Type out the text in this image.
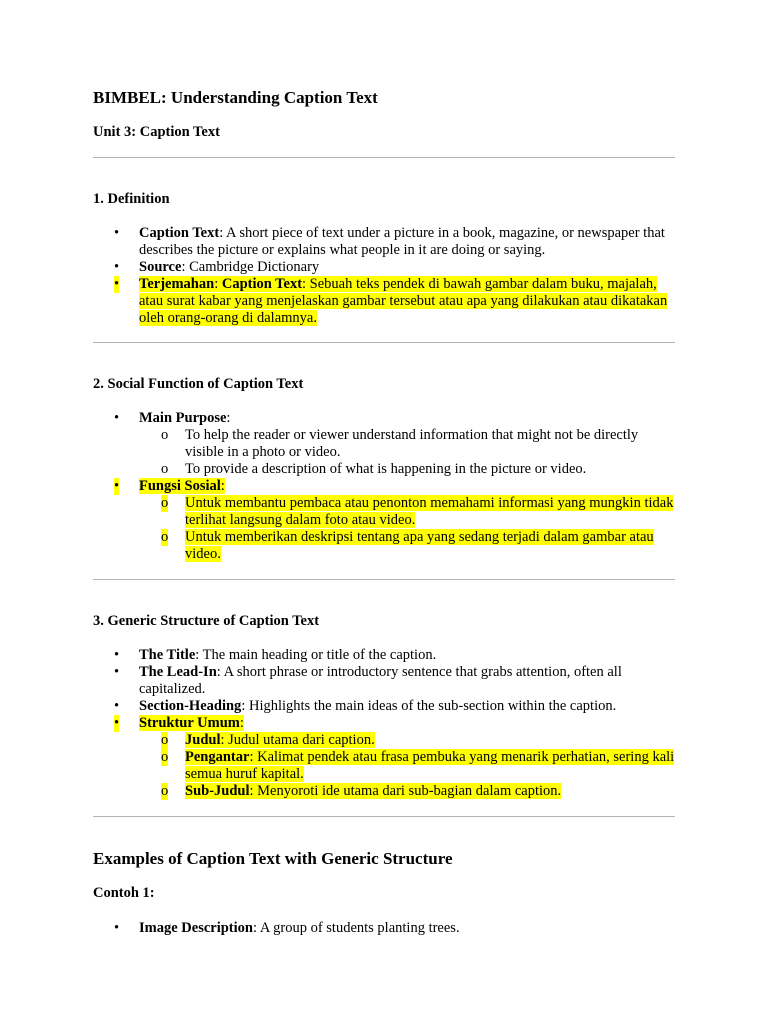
BIMBEL: Understanding Caption Text
Unit 3: Caption Text
1. Definition
• Caption Text: A short piece of text under a picture in a book, magazine, or newspaper that describes the picture or explains what people in it are doing or saying.
• Source: Cambridge Dictionary
• Terjemahan: Caption Text: Sebuah teks pendek di bawah gambar dalam buku, majalah, atau surat kabar yang menjelaskan gambar tersebut atau apa yang dilakukan atau dikatakan oleh orang-orang di dalamnya.
2. Social Function of Caption Text
• Main Purpose:
o To help the reader or viewer understand information that might not be directly visible in a photo or video.
o To provide a description of what is happening in the picture or video.
• Fungsi Sosial:
o Untuk membantu pembaca atau penonton memahami informasi yang mungkin tidak terlihat langsung dalam foto atau video.
o Untuk memberikan deskripsi tentang apa yang sedang terjadi dalam gambar atau video.
3. Generic Structure of Caption Text
• The Title: The main heading or title of the caption.
• The Lead-In: A short phrase or introductory sentence that grabs attention, often all capitalized.
• Section-Heading: Highlights the main ideas of the sub-section within the caption.
• Struktur Umum:
o Judul: Judul utama dari caption.
o Pengantar: Kalimat pendek atau frasa pembuka yang menarik perhatian, sering kali semua huruf kapital.
o Sub-Judul: Menyoroti ide utama dari sub-bagian dalam caption.
Examples of Caption Text with Generic Structure
Contoh 1:
• Image Description: A group of students planting trees.
